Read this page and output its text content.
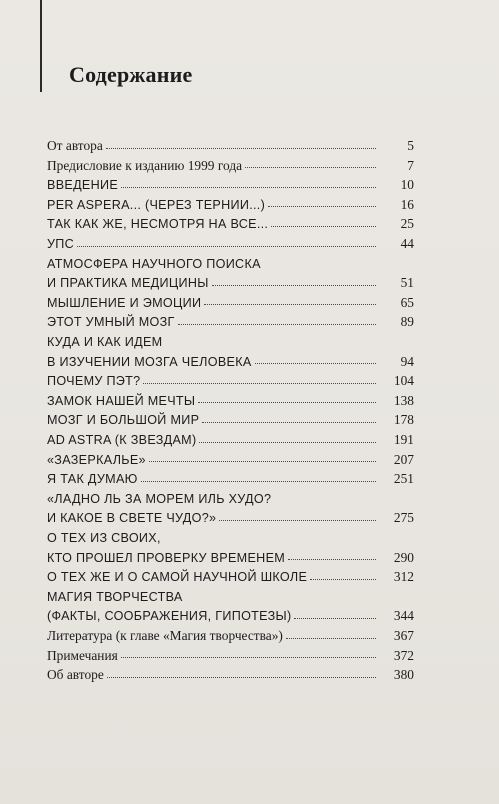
Содержание
От автора	5
Предисловие к изданию 1999 года	7
ВВЕДЕНИЕ	10
PER ASPERA... (ЧЕРЕЗ ТЕРНИИ...)	16
ТАК КАК ЖЕ, НЕСМОТРЯ НА ВСЕ...	25
УПС	44
АТМОСФЕРА НАУЧНОГО ПОИСКА
И ПРАКТИКА МЕДИЦИНЫ	51
МЫШЛЕНИЕ И ЭМОЦИИ	65
ЭТОТ УМНЫЙ МОЗГ	89
КУДА И КАК ИДЕМ
В ИЗУЧЕНИИ МОЗГА ЧЕЛОВЕКА	94
ПОЧЕМУ ПЭТ?	104
ЗАМОК НАШЕЙ МЕЧТЫ	138
МОЗГ И БОЛЬШОЙ МИР	178
AD ASTRA (К ЗВЕЗДАМ)	191
«ЗАЗЕРКАЛЬЕ»	207
Я ТАК ДУМАЮ	251
«ЛАДНО ЛЬ ЗА МОРЕМ ИЛЬ ХУДО?
И КАКОЕ В СВЕТЕ ЧУДО?»	275
О ТЕХ ИЗ СВОИХ,
КТО ПРОШЕЛ ПРОВЕРКУ ВРЕМЕНЕМ	290
О ТЕХ ЖЕ И О САМОЙ НАУЧНОЙ ШКОЛЕ	312
МАГИЯ ТВОРЧЕСТВА
(ФАКТЫ, СООБРАЖЕНИЯ, ГИПОТЕЗЫ)	344
Литература (к главе «Магия творчества»)	367
Примечания	372
Об авторе	380
